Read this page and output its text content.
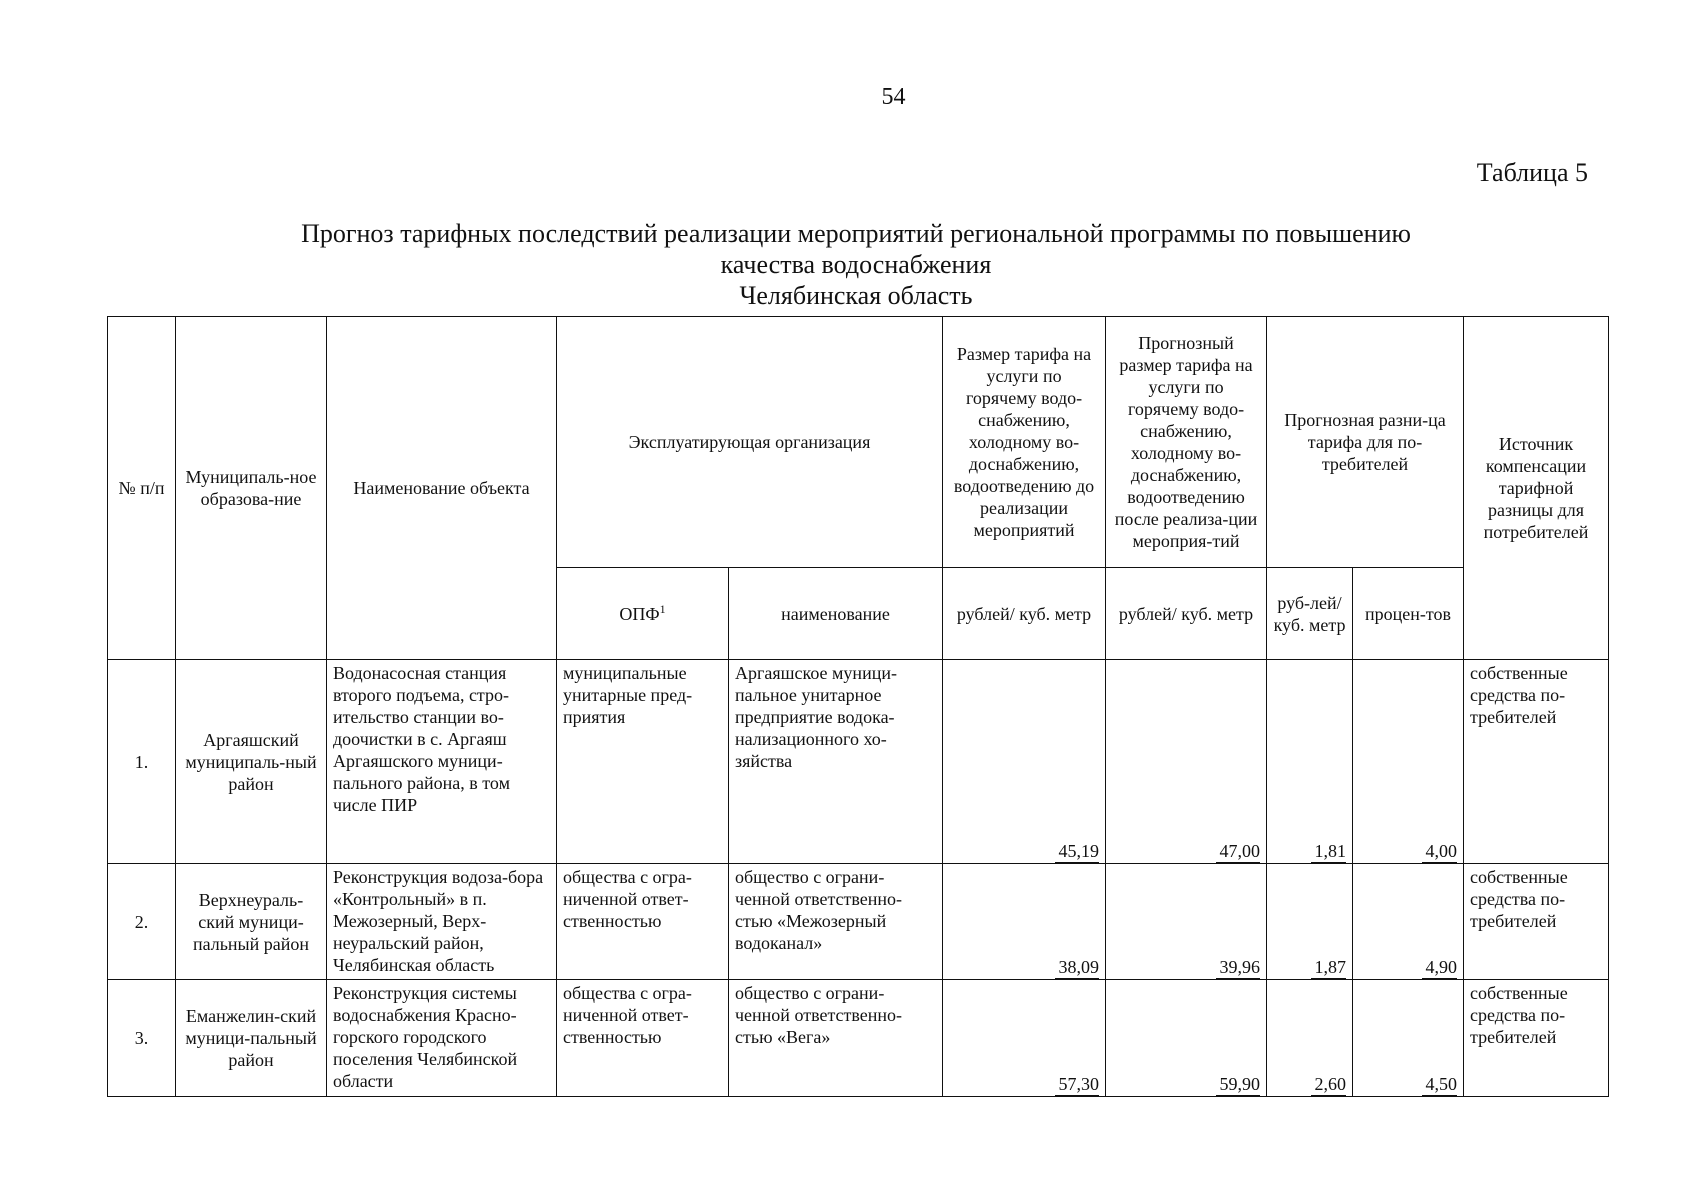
54
Таблица 5
Прогноз тарифных последствий реализации мероприятий региональной программы по повышению
качества водоснабжения
Челябинская область
№ п/п	Муниципаль-ное образова-ние	Наименование объекта	Эксплуатирующая организация		Размер тарифа на услуги по горячему водо-снабжению, холодному во-доснабжению, водоотведению до реализации мероприятий	Прогнозный размер тарифа на услуги по горячему водо-снабжению, холодному во-доснабжению, водоотведению после реализа-ции мероприя-тий	Прогнозная разни-ца тарифа для по-требителей		Источник компенсации тарифной разницы для потребителей
			ОПФ$^1$	наименование	рублей/ куб. метр	рублей/ куб. метр	руб-лей/ куб. метр	процен-тов	
1.	Аргаяшский муниципаль-ный район	Водонасосная станция второго подъема, стро-ительство станции во-доочистки в с. Аргаяш Аргаяшского муници-пального района, в том числе ПИР	муниципальные унитарные пред-приятия	Аргаяшское муници-пальное унитарное предприятие водока-нализационного хо-зяйства	45,19	47,00	1,81	4,00	собственные средства по-требителей
2.	Верхнеураль-ский муници-пальный район	Реконструкция водоза-бора «Контрольный» в п. Межозерный, Верх-неуральский район, Челябинская область	общества с огра-ниченной ответ-ственностью	общество с ограни-ченной ответственно-стью «Межозерный водоканал»	38,09	39,96	1,87	4,90	собственные средства по-требителей
3.	Еманжелин-ский муници-пальный район	Реконструкция системы водоснабжения Красно-горского городского поселения Челябинской области	общества с огра-ниченной ответ-ственностью	общество с ограни-ченной ответственно-стью «Вега»	57,30	59,90	2,60	4,50	собственные средства по-требителей
